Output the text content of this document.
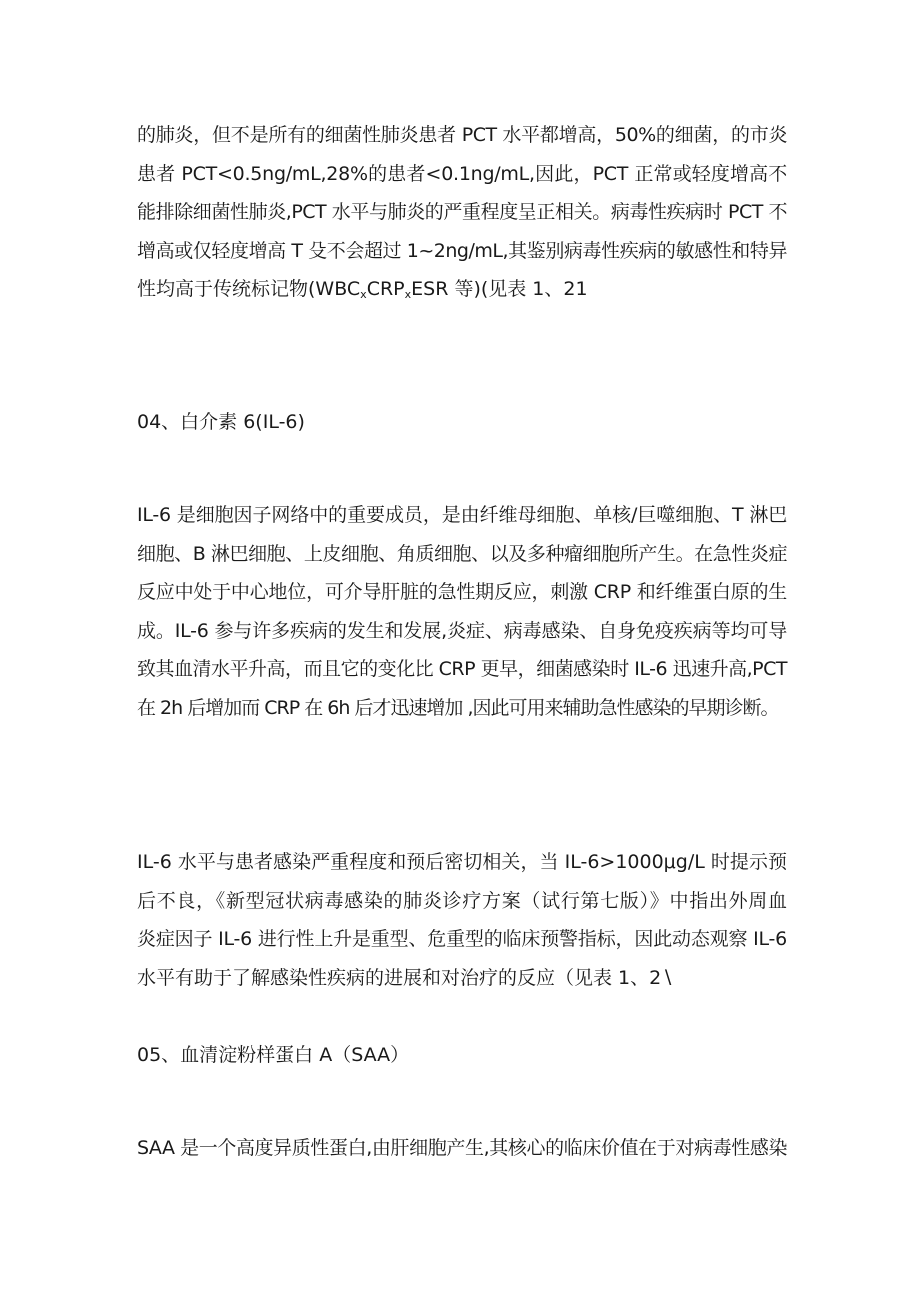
的肺炎，但不是所有的细菌性肺炎患者 PCT 水平都增高，50%的细菌，的市炎
患者 PCT<0.5ng∕mL,28%的患者<0.1ng/mL,因此，PCT 正常或轻度增高不
能排除细菌性肺炎,PCT 水平与肺炎的严重程度呈正相关。病毒性疾病时 PCT 不
增高或仅轻度增高 T 殳不会超过 1~2ng∕mL,其鉴别病毒性疾病的敏感性和特异
性均高于传统标记物($WBC_xCRP_xESR$ 等)(见表 1、21
04、白介素 6(IL-6)
IL-6 是细胞因子网络中的重要成员，是由纤维母细胞、单核/巨噬细胞、T 淋巴
细胞、B 淋巴细胞、上皮细胞、角质细胞、以及多种瘤细胞所产生。在急性炎症
反应中处于中心地位，可介导肝脏的急性期反应，刺激 CRP 和纤维蛋白原的生
成。IL-6 参与许多疾病的发生和发展,炎症、病毒感染、自身免疫疾病等均可导
致其血清水平升高，而且它的变化比 CRP 更早，细菌感染时 IL-6 迅速升高,PCT
在 2h 后增加而 CRP 在 6h 后才迅速增加 ,因此可用来辅助急性感染的早期诊断。
IL-6 水平与患者感染严重程度和预后密切相关，当 IL-6>1000μg∕L 时提示预
后不良，《新型冠状病毒感染的肺炎诊疗方案（试行第七版）》中指出外周血
炎症因子 IL-6 进行性上升是重型、危重型的临床预警指标，因此动态观察 IL-6
水平有助于了解感染性疾病的进展和对治疗的反应（见表 1、2∖
05、血清淀粉样蛋白 A（SAA）
SAA 是一个高度异质性蛋白,由肝细胞产生,其核心的临床价值在于对病毒性感染
